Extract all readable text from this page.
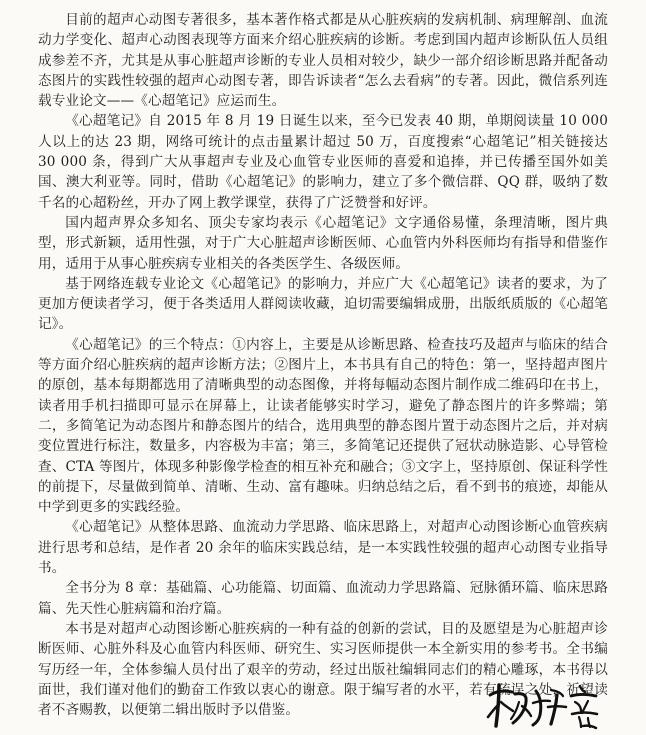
目前的超声心动图专著很多，基本著作格式都是从心脏疾病的发病机制、病理解剖、血流动力学变化、超声心动图表现等方面来介绍心脏疾病的诊断。考虑到国内超声诊断队伍人员组成参差不齐，尤其是从事心脏超声诊断的专业人员相对较少，缺少一部介绍诊断思路并配备动态图片的实践性较强的超声心动图专著，即告诉读者“怎么去看病”的专著。因此，微信系列连载专业论文——《心超笔记》应运而生。

《心超笔记》自 2015 年 8 月 19 日诞生以来，至今已发表 40 期，单期阅读量 10 000 人以上的达 23 期，网络可统计的点击量累计超过 50 万，百度搜索“心超笔记”相关链接达 30 000 条，得到广大从事超声专业及心血管专业医师的喜爱和追捧，并已传播至国外如美国、澳大利亚等。同时，借助《心超笔记》的影响力，建立了多个微信群、QQ 群，吸纳了数千名的心超粉丝，开办了网上教学课堂，获得了广泛赞誉和好评。

国内超声界众多知名、顶尖专家均表示《心超笔记》文字通俗易懂，条理清晰，图片典型，形式新颖，适用性强，对于广大心脏超声诊断医师、心血管内外科医师均有指导和借鉴作用，适用于从事心脏疾病专业相关的各类医学生、各级医师。

基于网络连载专业论文《心超笔记》的影响力，并应广大《心超笔记》读者的要求，为了更加方便读者学习，便于各类适用人群阅读收藏，迫切需要编辑成册，出版纸质版的《心超笔记》。

《心超笔记》的三个特点：①内容上，主要是从诊断思路、检查技巧及超声与临床的结合等方面介绍心脏疾病的超声诊断方法；②图片上，本书具有自己的特色：第一，坚持超声图片的原创，基本每期都选用了清晰典型的动态图像，并将每幅动态图片制作成二维码印在书上，读者用手机扫描即可显示在屏幕上，让读者能够实时学习，避免了静态图片的许多弊端；第二，多简笔记为动态图片和静态图片的结合，选用典型的静态图片置于动态图片之后，并对病变位置进行标注，数量多，内容极为丰富；第三，多简笔记还提供了冠状动脉造影、心导管检查、CTA 等图片，体现多种影像学检查的相互补充和融合；③文字上，坚持原创、保证科学性的前提下，尽量做到简单、清晰、生动、富有趣味。归纳总结之后，看不到书的痕迹，却能从中学到更多的实践经验。

《心超笔记》从整体思路、血流动力学思路、临床思路上，对超声心动图诊断心血管疾病进行思考和总结，是作者 20 余年的临床实践总结，是一本实践性较强的超声心动图专业指导书。

全书分为 8 章：基础篇、心功能篇、切面篇、血流动力学思路篇、冠脉循环篇、临床思路篇、先天性心脏病篇和治疗篇。

本书是对超声心动图诊断心脏疾病的一种有益的创新的尝试，目的及愿望是为心脏超声诊断医师、心脏外科及心血管内科医师、研究生、实习医师提供一本全新实用的参考书。全书编写历经一年，全体参编人员付出了艰辛的劳动，经过出版社编辑同志们的精心雕琢，本书得以面世，我们谨对他们的勤奋工作致以衷心的谢意。限于编写者的水平，若有疏误之处，祈望读者不吝赐教，以便第二辑出版时予以借鉴。
